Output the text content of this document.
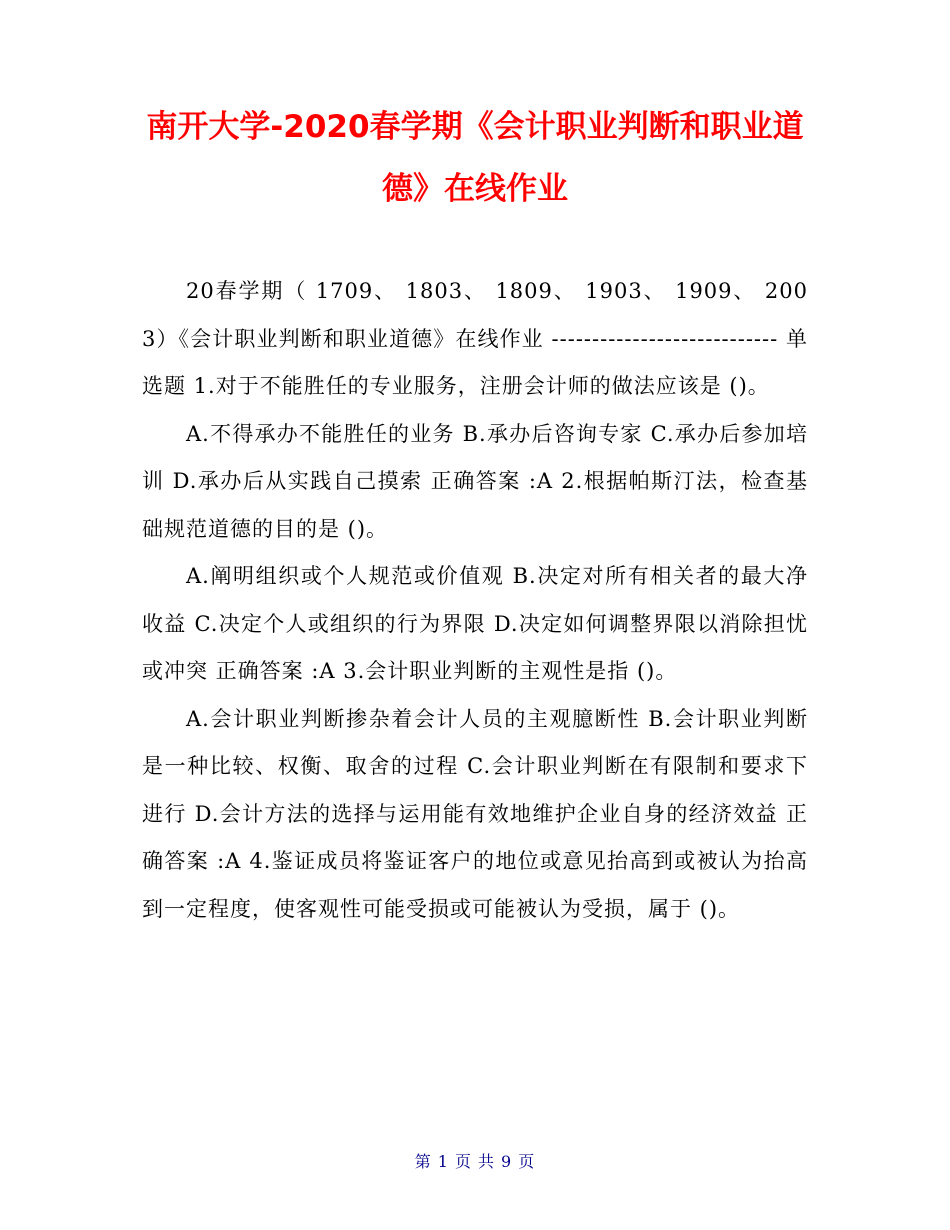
南开大学-2020春学期《会计职业判断和职业道德》在线作业

20春学期（ 1709、 1803、 1809、 1903、 1909、 2003）《会计职业判断和职业道德》在线作业 ---------------------------- 单选题 1.对于不能胜任的专业服务，注册会计师的做法应该是 ()。

A.不得承办不能胜任的业务 B.承办后咨询专家 C.承办后参加培训 D.承办后从实践自己摸索 正确答案 :A 2.根据帕斯汀法，检查基础规范道德的目的是 ()。

A.阐明组织或个人规范或价值观 B.决定对所有相关者的最大净收益 C.决定个人或组织的行为界限 D.决定如何调整界限以消除担忧或冲突 正确答案 :A 3.会计职业判断的主观性是指 ()。

A.会计职业判断掺杂着会计人员的主观臆断性 B.会计职业判断是一种比较、权衡、取舍的过程 C.会计职业判断在有限制和要求下进行 D.会计方法的选择与运用能有效地维护企业自身的经济效益 正确答案 :A 4.鉴证成员将鉴证客户的地位或意见抬高到或被认为抬高到一定程度，使客观性可能受损或可能被认为受损，属于 ()。

第 1 页 共 9 页
